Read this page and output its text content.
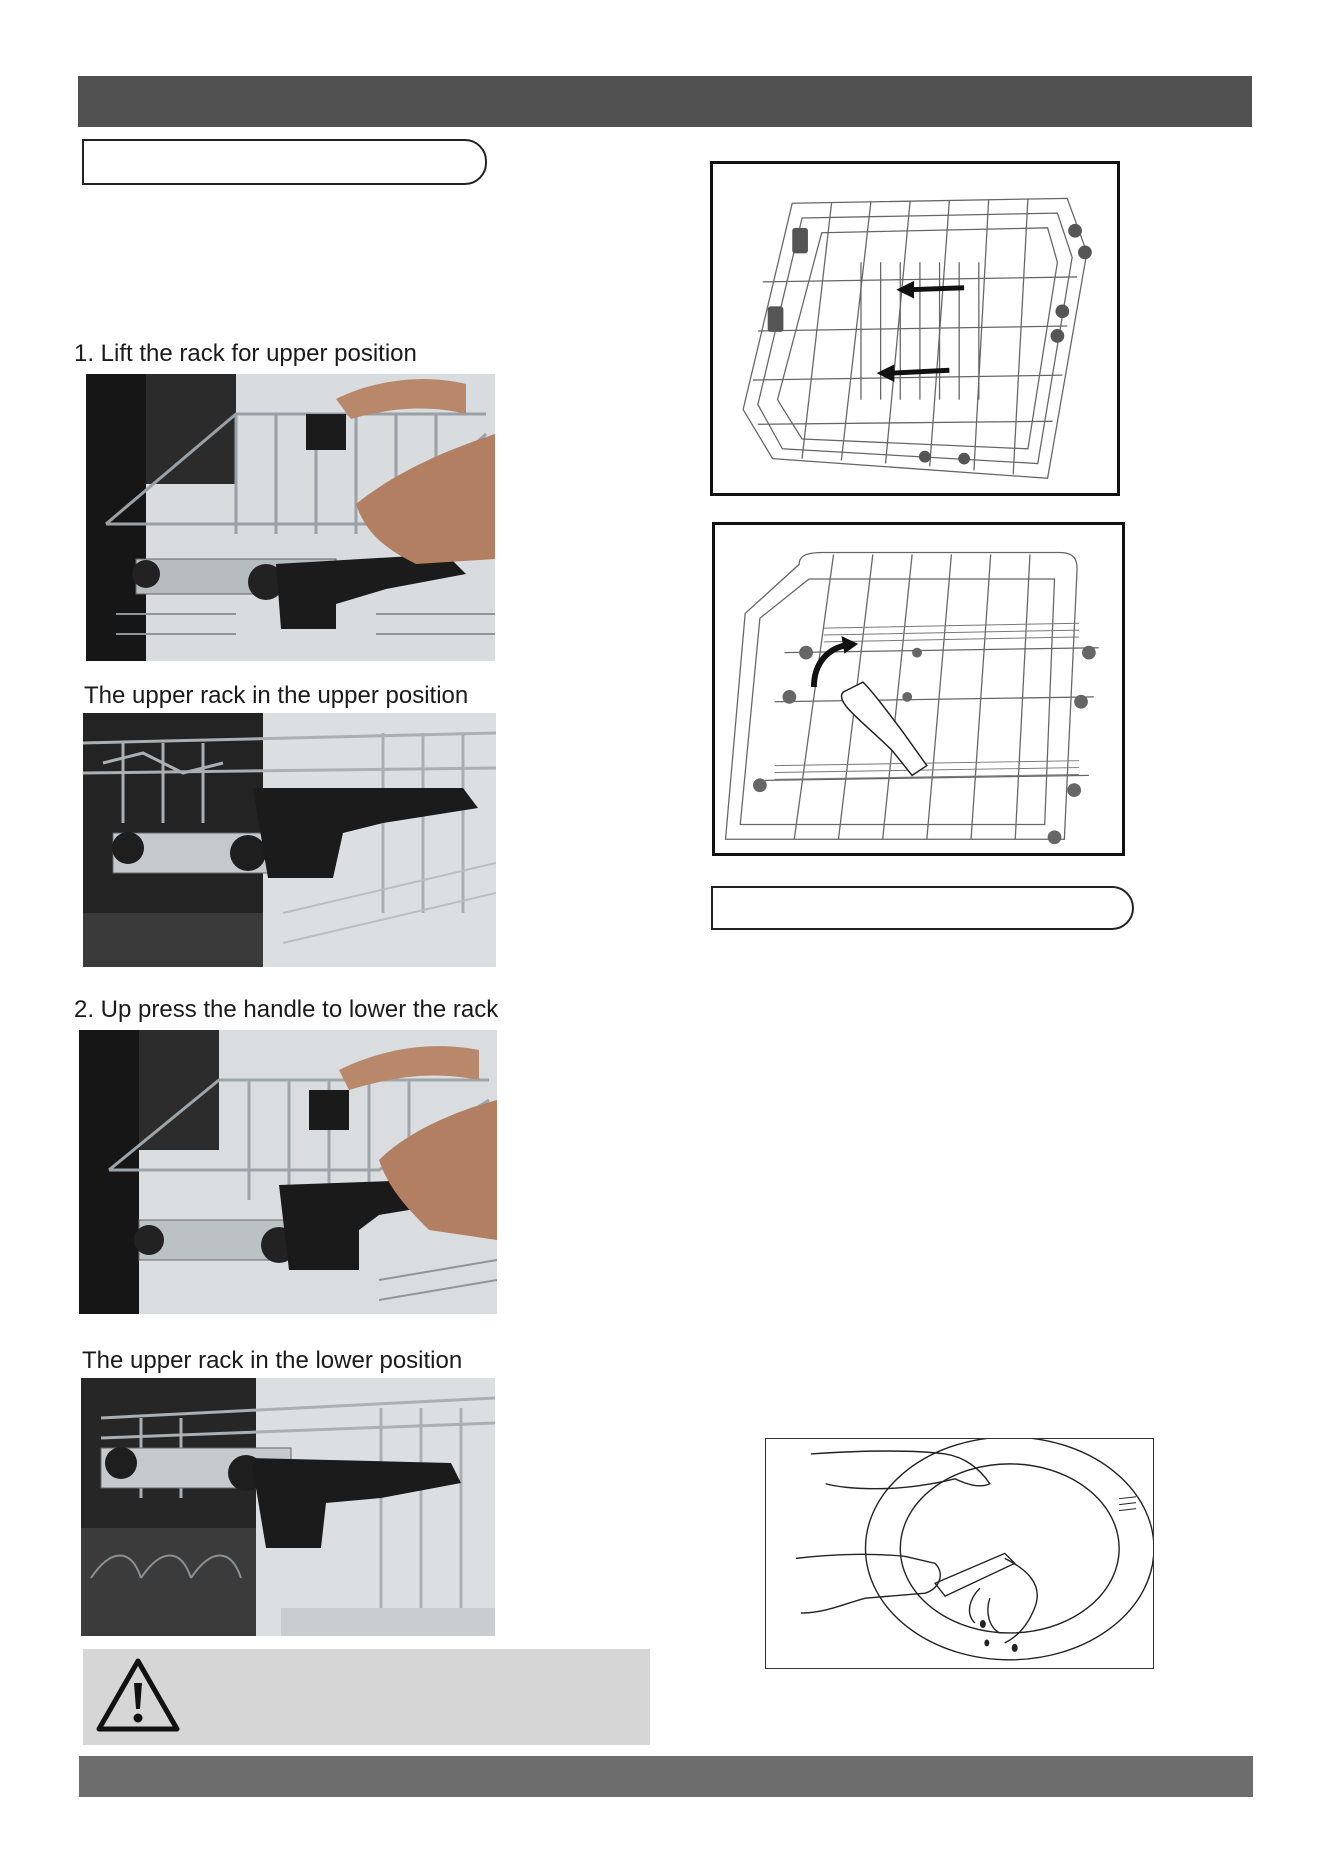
1. Lift the rack for upper position
The upper rack in the upper position
2. Up press the handle to lower the rack
The upper rack in the lower position
